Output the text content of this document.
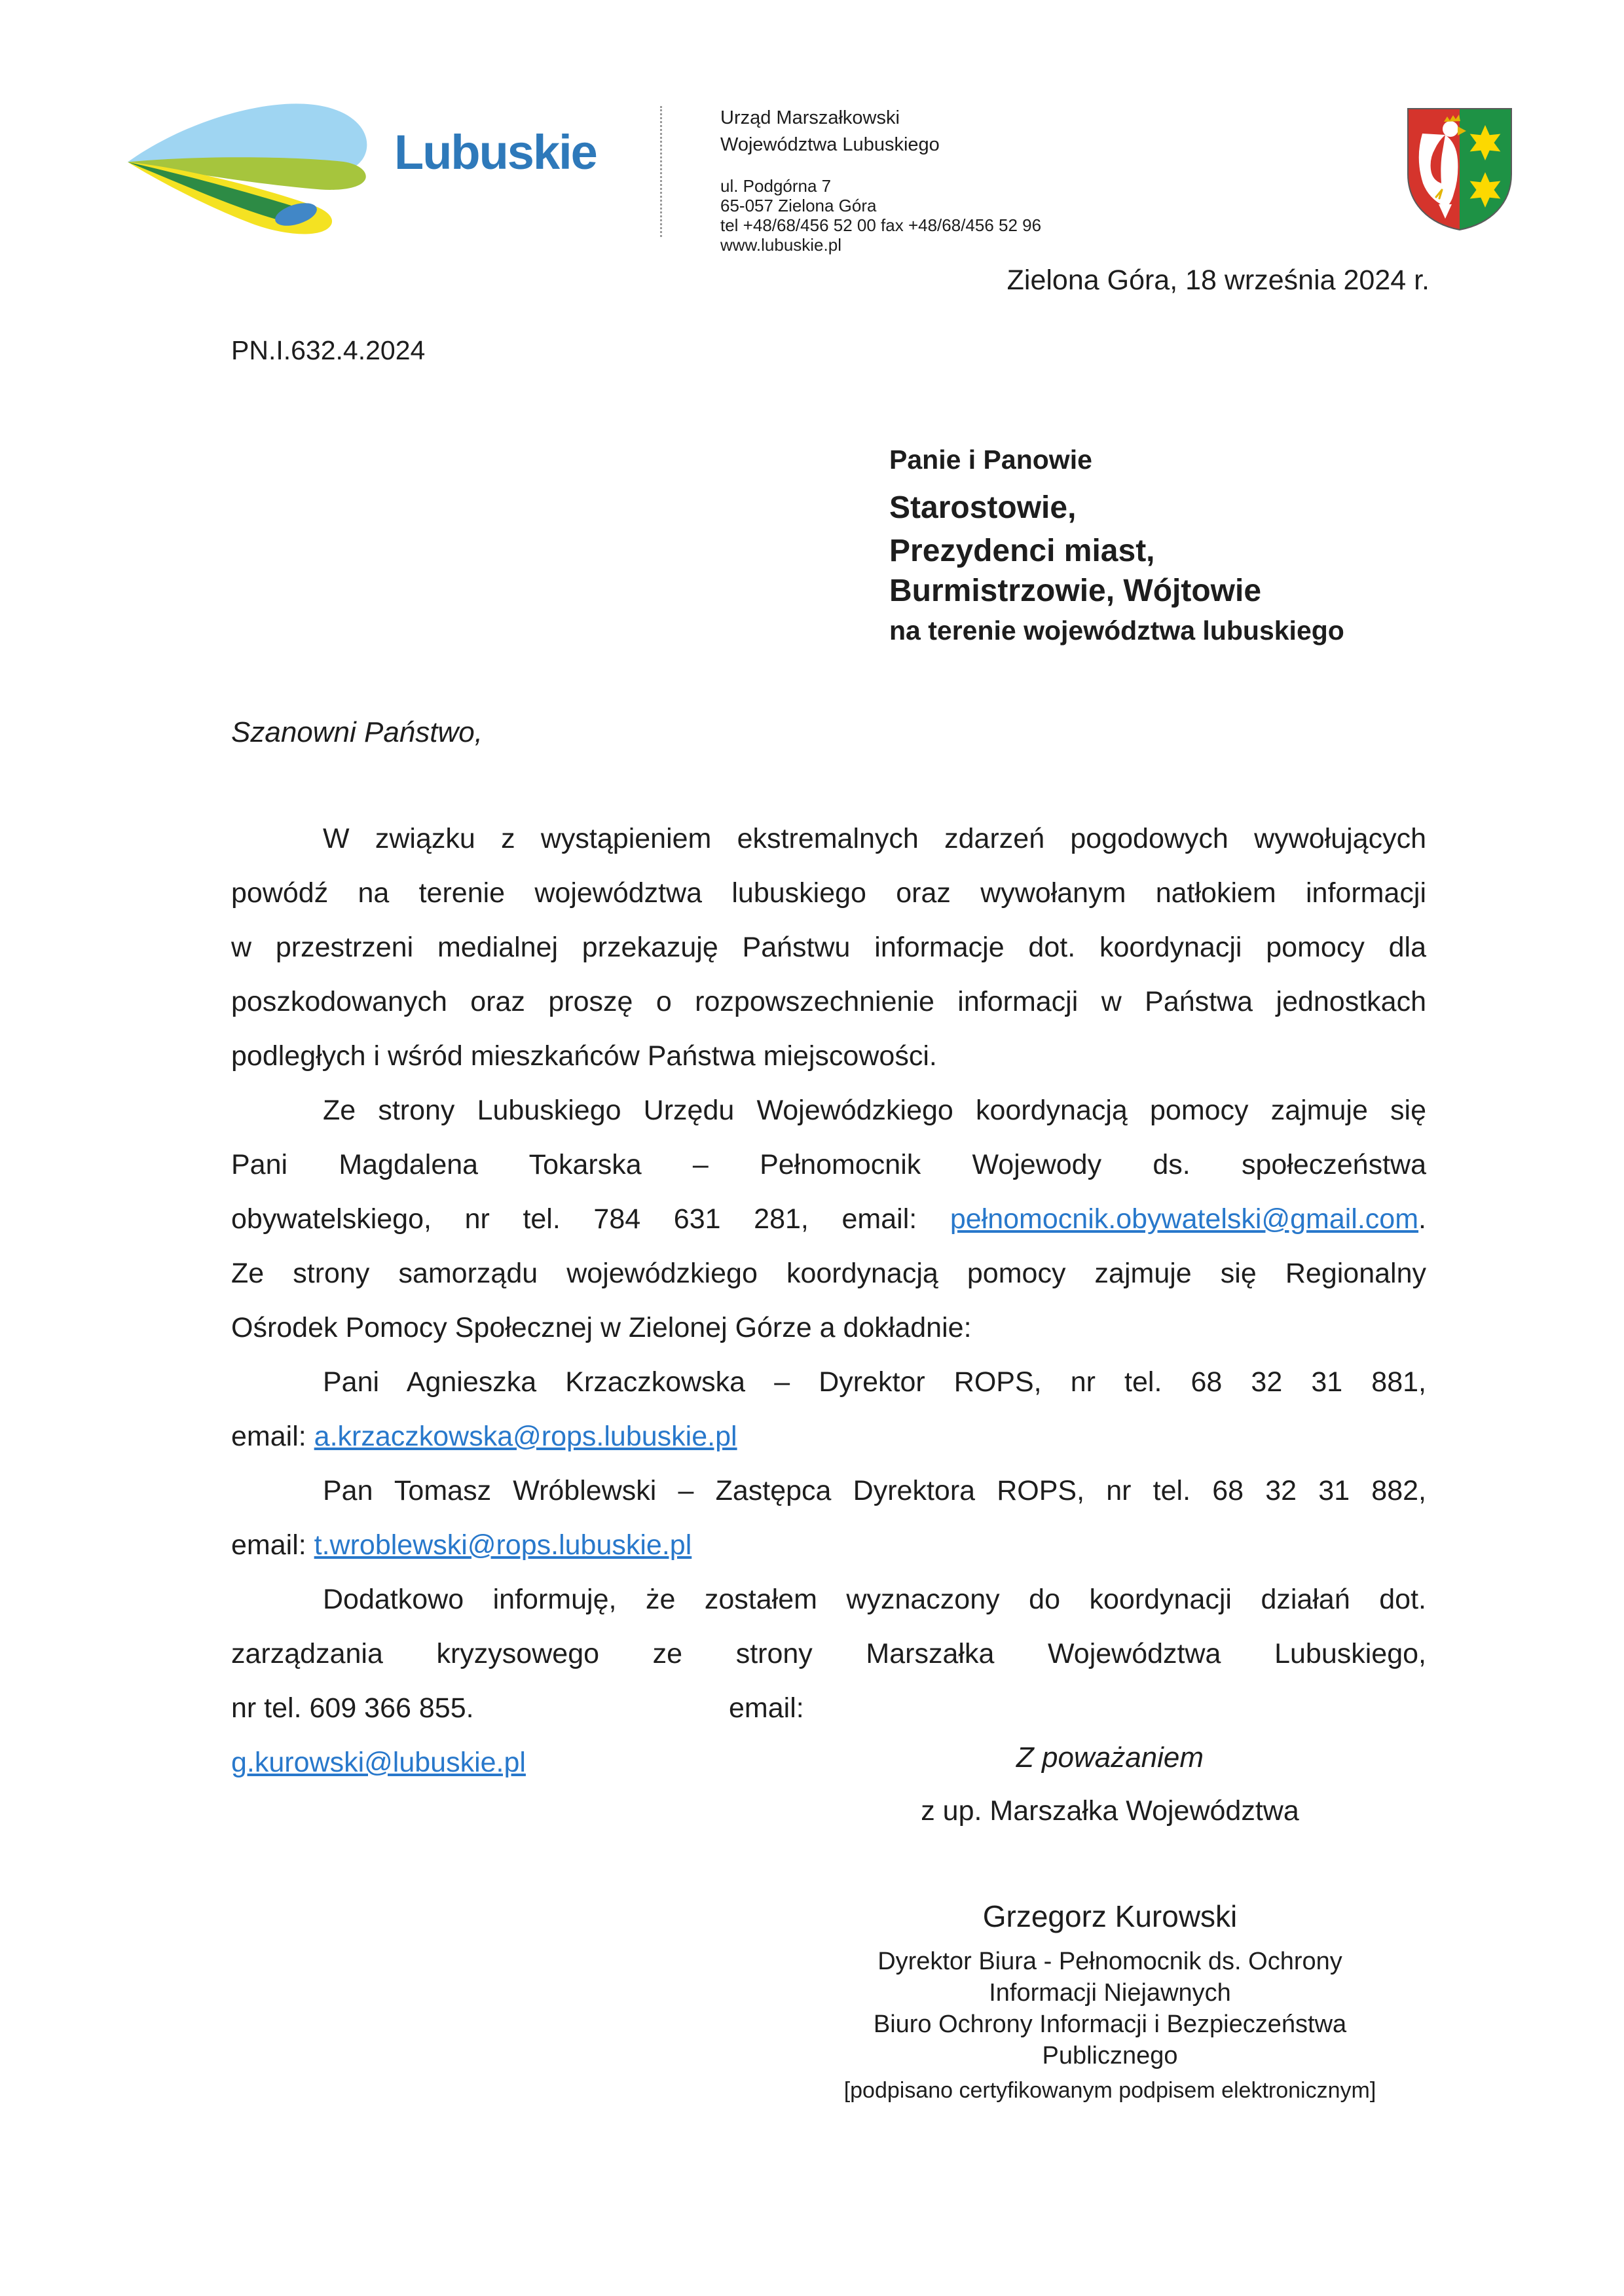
Lubuskie
Urząd Marszałkowski
Województwa Lubuskiego
ul. Podgórna 7
65-057 Zielona Góra
tel +48/68/456 52 00 fax +48/68/456 52 96
www.lubuskie.pl
Zielona Góra, 18 września 2024 r.
PN.I.632.4.2024
Panie i Panowie
Starostowie,
Prezydenci miast,
Burmistrzowie, Wójtowie
na terenie województwa lubuskiego
Szanowni Państwo,
W związku z wystąpieniem ekstremalnych zdarzeń pogodowych wywołujących
powódź na terenie województwa lubuskiego oraz wywołanym natłokiem informacji
w przestrzeni medialnej przekazuję Państwu informacje dot. koordynacji pomocy dla
poszkodowanych oraz proszę o rozpowszechnienie informacji w Państwa jednostkach
podległych i wśród mieszkańców Państwa miejscowości.
Ze strony Lubuskiego Urzędu Wojewódzkiego koordynacją pomocy zajmuje się
Pani Magdalena Tokarska – Pełnomocnik Wojewody ds. społeczeństwa
obywatelskiego, nr tel. 784 631 281, email: pełnomocnik.obywatelski@gmail.com.
Ze strony samorządu wojewódzkiego koordynacją pomocy zajmuje się Regionalny
Ośrodek Pomocy Społecznej w Zielonej Górze a dokładnie:
Pani Agnieszka Krzaczkowska – Dyrektor ROPS, nr tel. 68 32 31 881,
email: a.krzaczkowska@rops.lubuskie.pl
Pan Tomasz Wróblewski – Zastępca Dyrektora ROPS, nr tel. 68 32 31 882,
email: t.wroblewski@rops.lubuskie.pl
Dodatkowo informuję, że zostałem wyznaczony do koordynacji działań dot.
zarządzania kryzysowego ze strony Marszałka Województwa Lubuskiego,
nr tel. 609 366 855.	email:
g.kurowski@lubuskie.pl	Z poważaniem
z up. Marszałka Województwa
Grzegorz Kurowski
Dyrektor Biura - Pełnomocnik ds. Ochrony
Informacji Niejawnych
Biuro Ochrony Informacji i Bezpieczeństwa
Publicznego
[podpisano certyfikowanym podpisem elektronicznym]
